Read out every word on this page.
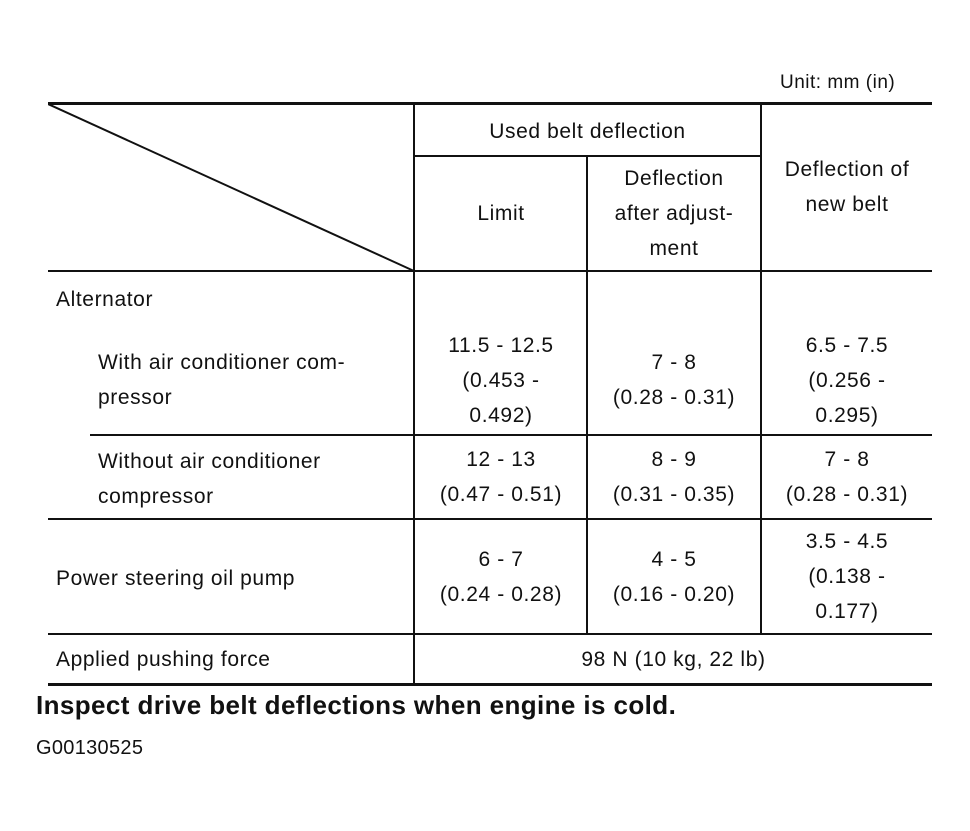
Unit: mm (in)
Used belt deflection
Limit
Deflection
after adjust-
ment
Deflection of
new belt
Alternator
With air conditioner com-
pressor
11.5 - 12.5
(0.453 -
0.492)
7 - 8
(0.28 - 0.31)
6.5 - 7.5
(0.256 -
0.295)
Without air conditioner
compressor
12 - 13
(0.47 - 0.51)
8 - 9
(0.31 - 0.35)
7 - 8
(0.28 - 0.31)
Power steering oil pump
6 - 7
(0.24 - 0.28)
4 - 5
(0.16 - 0.20)
3.5 - 4.5
(0.138 -
0.177)
Applied pushing force	98 N (10 kg, 22 lb)
Inspect drive belt deflections when engine is cold.
G00130525
